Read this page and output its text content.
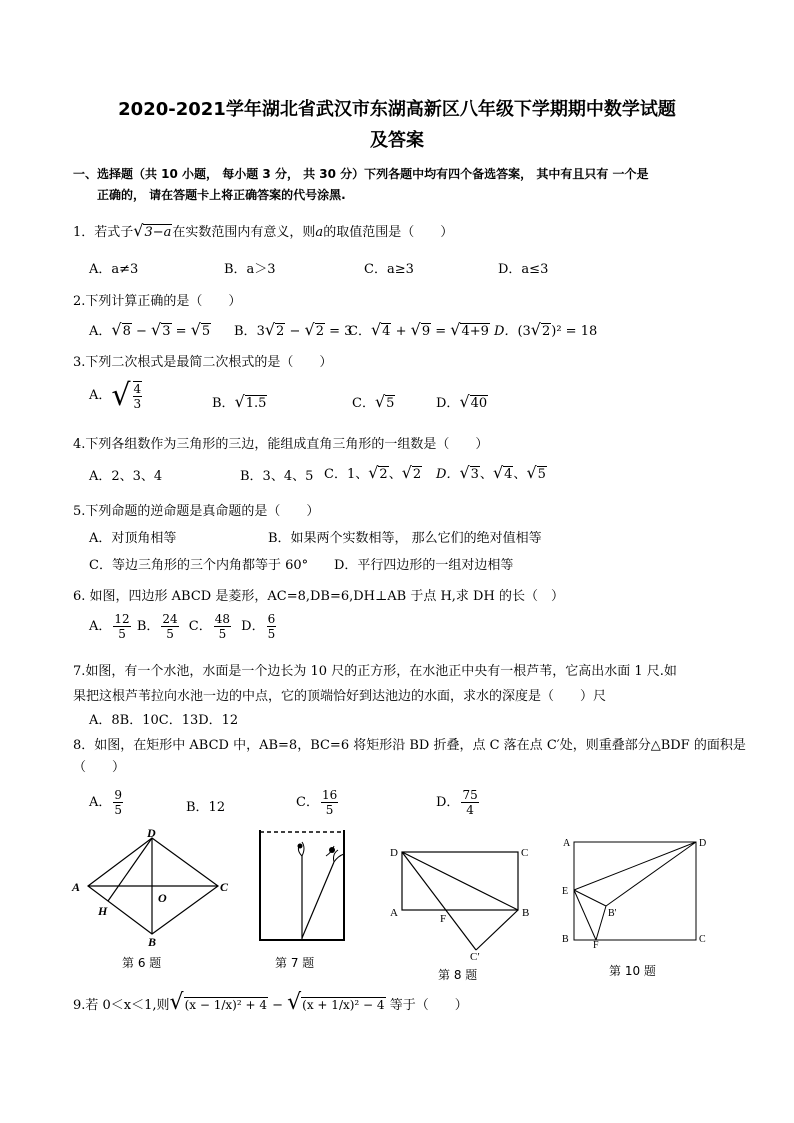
2020-2021学年湖北省武汉市东湖高新区八年级下学期期中数学试题
及答案
一、选择题（共 10 小题， 每小题 3 分， 共 30 分）下列各题中均有四个备选答案， 其中有且只有 一个是
正确的， 请在答题卡上将正确答案的代号涂黑.
1．若式子√3−a在实数范围内有意义，则a的取值范围是（　　）
A．a≠3	B．a＞3	C．a≥3	D．a≤3
2.下列计算正确的是（　　）
A．√8 − √3 = √5 B．3√2 − √2 = 3
C．√4 + √9 = √4+9 D．(3√2)² = 18
3.下列二次根式是最简二次根式的是（　　）
A．√ $\frac{4}{3}$	B．√1.5	C．√5	D．√40
4.下列各组数作为三角形的三边，能组成直角三角形的一组数是（　　）
A．2、3、4	B．3、4、5 C．1、√2、√2 D．√3、√4、√5
5.下列命题的逆命题是真命题的是（　　）
A．对顶角相等	B．如果两个实数相等， 那么它们的绝对值相等
C．等边三角形的三个内角都等于 60° D．平行四边形的一组对边相等
6. 如图，四边形 ABCD 是菱形，AC=8,DB=6,DH⊥AB 于点 H,求 DH 的长（　）
A． $\frac{12}{5}$ B． $\frac{24}{5}$ C． $\frac{48}{5}$ D． $\frac{6}{5}$
7.如图，有一个水池，水面是一个边长为 10 尺的正方形，在水池正中央有一根芦苇，它高出水面 1 尺.如
果把这根芦苇拉向水池一边的中点，它的顶端恰好到达池边的水面，求水的深度是（　　）尺
A．8B．10C．13D．12
8．如图，在矩形中 ABCD 中，AB=8，BC=6 将矩形沿 BD 折叠，点 C 落在点 C′处，则重叠部分△BDF 的面积是
（　　）
A． $\frac{9}{5}$	B．12	C． $\frac{16}{5}$	D． $\frac{75}{4}$
A	C
D
B
H
O
第 6 题	第 7 题
D	C
A	B
F
C′
第 8 题
A	D
E
B	C
F
B'
第 10 题
9.若 0＜x＜1,则√(x − 1/x)² + 4 − √(x + 1/x)² − 4 等于（　　）
